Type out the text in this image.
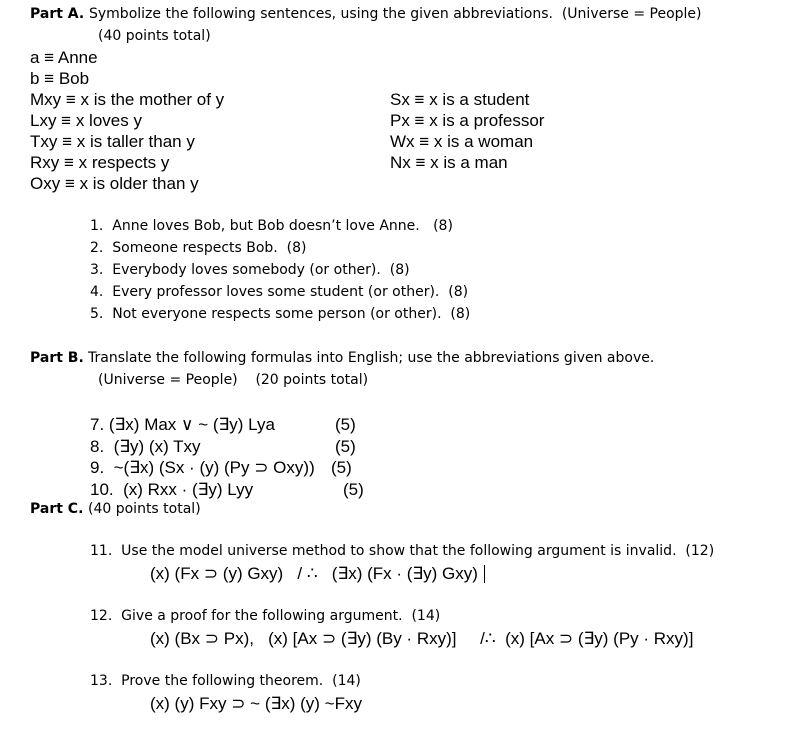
Part A. Symbolize the following sentences, using the given abbreviations.  (Universe = People)
(40 points total)
a ≡ Anne
b ≡ Bob
Mxy ≡ x is the mother of y
Lxy ≡ x loves y
Txy ≡ x is taller than y
Rxy ≡ x respects y
Oxy ≡ x is older than y
Sx ≡ x is a student
Px ≡ x is a professor
Wx ≡ x is a woman
Nx ≡ x is a man
1.  Anne loves Bob, but Bob doesn’t love Anne.   (8)
2.  Someone respects Bob.  (8)
3.  Everybody loves somebody (or other).  (8)
4.  Every professor loves some student (or other).  (8)
5.  Not everyone respects some person (or other).  (8)
Part B. Translate the following formulas into English; use the abbreviations given above.
(Universe = People)    (20 points total)
7. (∃x) Max ∨ ~ (∃y) Lya	(5)
8.  (∃y) (x) Txy	(5)
9.  ~(∃x) (Sx · (y) (Py ⊃ Oxy)) (5)
10.  (x) Rxx · (∃y) Lyy	(5)
Part C. (40 points total)
11.  Use the model universe method to show that the following argument is invalid.  (12)
(x) (Fx ⊃ (y) Gxy)   / ∴   (∃x) (Fx · (∃y) Gxy)
12.  Give a proof for the following argument.  (14)
(x) (Bx ⊃ Px),   (x) [Ax ⊃ (∃y) (By · Rxy)]     /∴  (x) [Ax ⊃ (∃y) (Py · Rxy)]
13.  Prove the following theorem.  (14)
(x) (y) Fxy ⊃ ~ (∃x) (y) ~Fxy
